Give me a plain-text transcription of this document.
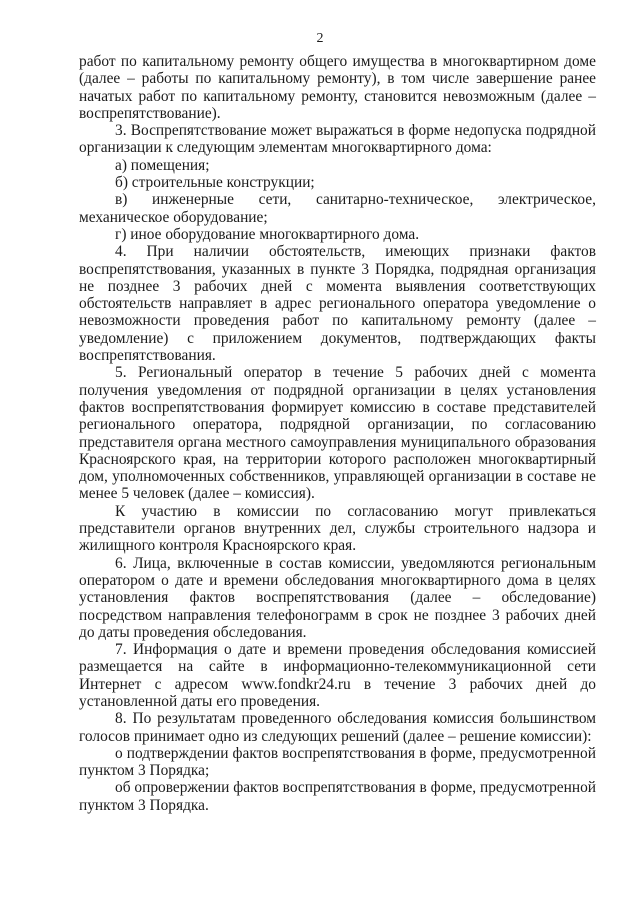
2

работ по капитальному ремонту общего имущества в многоквартирном доме (далее – работы по капитальному ремонту), в том числе завершение ранее начатых работ по капитальному ремонту, становится невозможным (далее – воспрепятствование).

3. Воспрепятствование может выражаться в форме недопуска подрядной организации к следующим элементам многоквартирного дома:

а) помещения;

б) строительные конструкции;

в) инженерные сети, санитарно-техническое, электрическое, механическое оборудование;

г) иное оборудование многоквартирного дома.

4. При наличии обстоятельств, имеющих признаки фактов воспрепятствования, указанных в пункте 3 Порядка, подрядная организация не позднее 3 рабочих дней с момента выявления соответствующих обстоятельств направляет в адрес регионального оператора уведомление о невозможности проведения работ по капитальному ремонту (далее – уведомление) с приложением документов, подтверждающих факты воспрепятствования.

5. Региональный оператор в течение 5 рабочих дней с момента получения уведомления от подрядной организации в целях установления фактов воспрепятствования формирует комиссию в составе представителей регионального оператора, подрядной организации, по согласованию представителя органа местного самоуправления муниципального образования Красноярского края, на территории которого расположен многоквартирный дом, уполномоченных собственников, управляющей организации в составе не менее 5 человек (далее – комиссия).

К участию в комиссии по согласованию могут привлекаться представители органов внутренних дел, службы строительного надзора и жилищного контроля Красноярского края.

6. Лица, включенные в состав комиссии, уведомляются региональным оператором о дате и времени обследования многоквартирного дома в целях установления фактов воспрепятствования (далее – обследование) посредством направления телефонограмм в срок не позднее 3 рабочих дней до даты проведения обследования.

7. Информация о дате и времени проведения обследования комиссией размещается на сайте в информационно-телекоммуникационной сети Интернет с адресом www.fondkr24.ru в течение 3 рабочих дней до установленной даты его проведения.

8. По результатам проведенного обследования комиссия большинством голосов принимает одно из следующих решений (далее – решение комиссии):

о подтверждении фактов воспрепятствования в форме, предусмотренной пунктом 3 Порядка;

об опровержении фактов воспрепятствования в форме, предусмотренной пунктом 3 Порядка.
